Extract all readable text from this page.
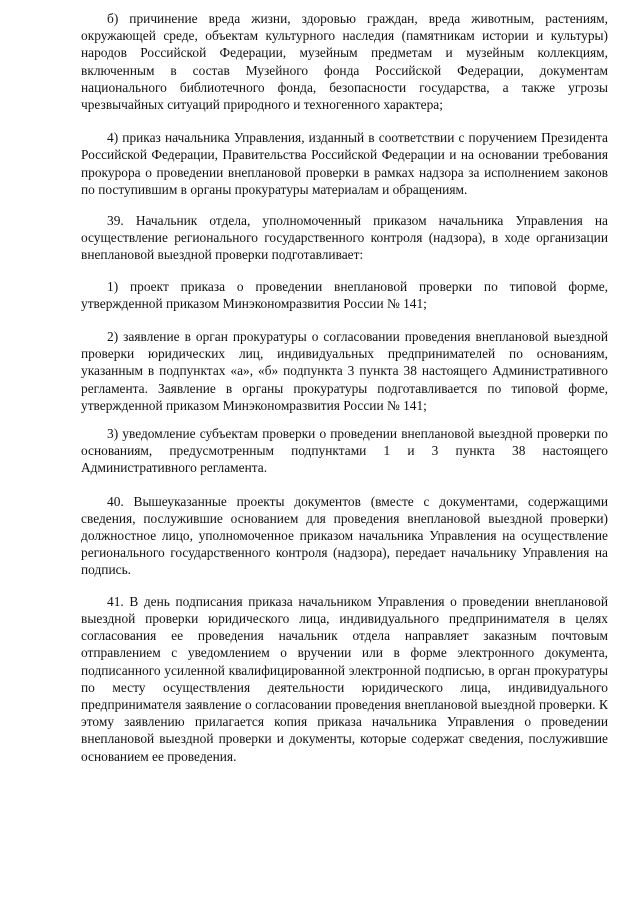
б) причинение вреда жизни, здоровью граждан, вреда животным, растениям, окружающей среде, объектам культурного наследия (памятникам истории и культуры) народов Российской Федерации, музейным предметам и музейным коллекциям, включенным в состав Музейного фонда Российской Федерации, документам национального библиотечного фонда, безопасности государства, а также угрозы чрезвычайных ситуаций природного и техногенного характера;

4) приказ начальника Управления, изданный в соответствии с поручением Президента Российской Федерации, Правительства Российской Федерации и на основании требования прокурора о проведении внеплановой проверки в рамках надзора за исполнением законов по поступившим в органы прокуратуры материалам и обращениям.

39. Начальник отдела, уполномоченный приказом начальника Управления на осуществление регионального государственного контроля (надзора), в ходе организации внеплановой выездной проверки подготавливает:

1) проект приказа о проведении внеплановой проверки по типовой форме, утвержденной приказом Минэкономразвития России № 141;

2) заявление в орган прокуратуры о согласовании проведения внеплановой выездной проверки юридических лиц, индивидуальных предпринимателей по основаниям, указанным в подпунктах «а», «б» подпункта 3 пункта 38 настоящего Административного регламента. Заявление в органы прокуратуры подготавливается по типовой форме, утвержденной приказом Минэкономразвития России № 141;

3) уведомление субъектам проверки о проведении внеплановой выездной проверки по основаниям, предусмотренным подпунктами 1 и 3 пункта 38 настоящего Административного регламента.

40. Вышеуказанные проекты документов (вместе с документами, содержащими сведения, послужившие основанием для проведения внеплановой выездной проверки) должностное лицо, уполномоченное приказом начальника Управления на осуществление регионального государственного контроля (надзора), передает начальнику Управления на подпись.

41. В день подписания приказа начальником Управления о проведении внеплановой выездной проверки юридического лица, индивидуального предпринимателя в целях согласования ее проведения начальник отдела направляет заказным почтовым отправлением с уведомлением о вручении или в форме электронного документа, подписанного усиленной квалифицированной электронной подписью, в орган прокуратуры по месту осуществления деятельности юридического лица, индивидуального предпринимателя заявление о согласовании проведения внеплановой выездной проверки. К этому заявлению прилагается копия приказа начальника Управления о проведении внеплановой выездной проверки и документы, которые содержат сведения, послужившие основанием ее проведения.
